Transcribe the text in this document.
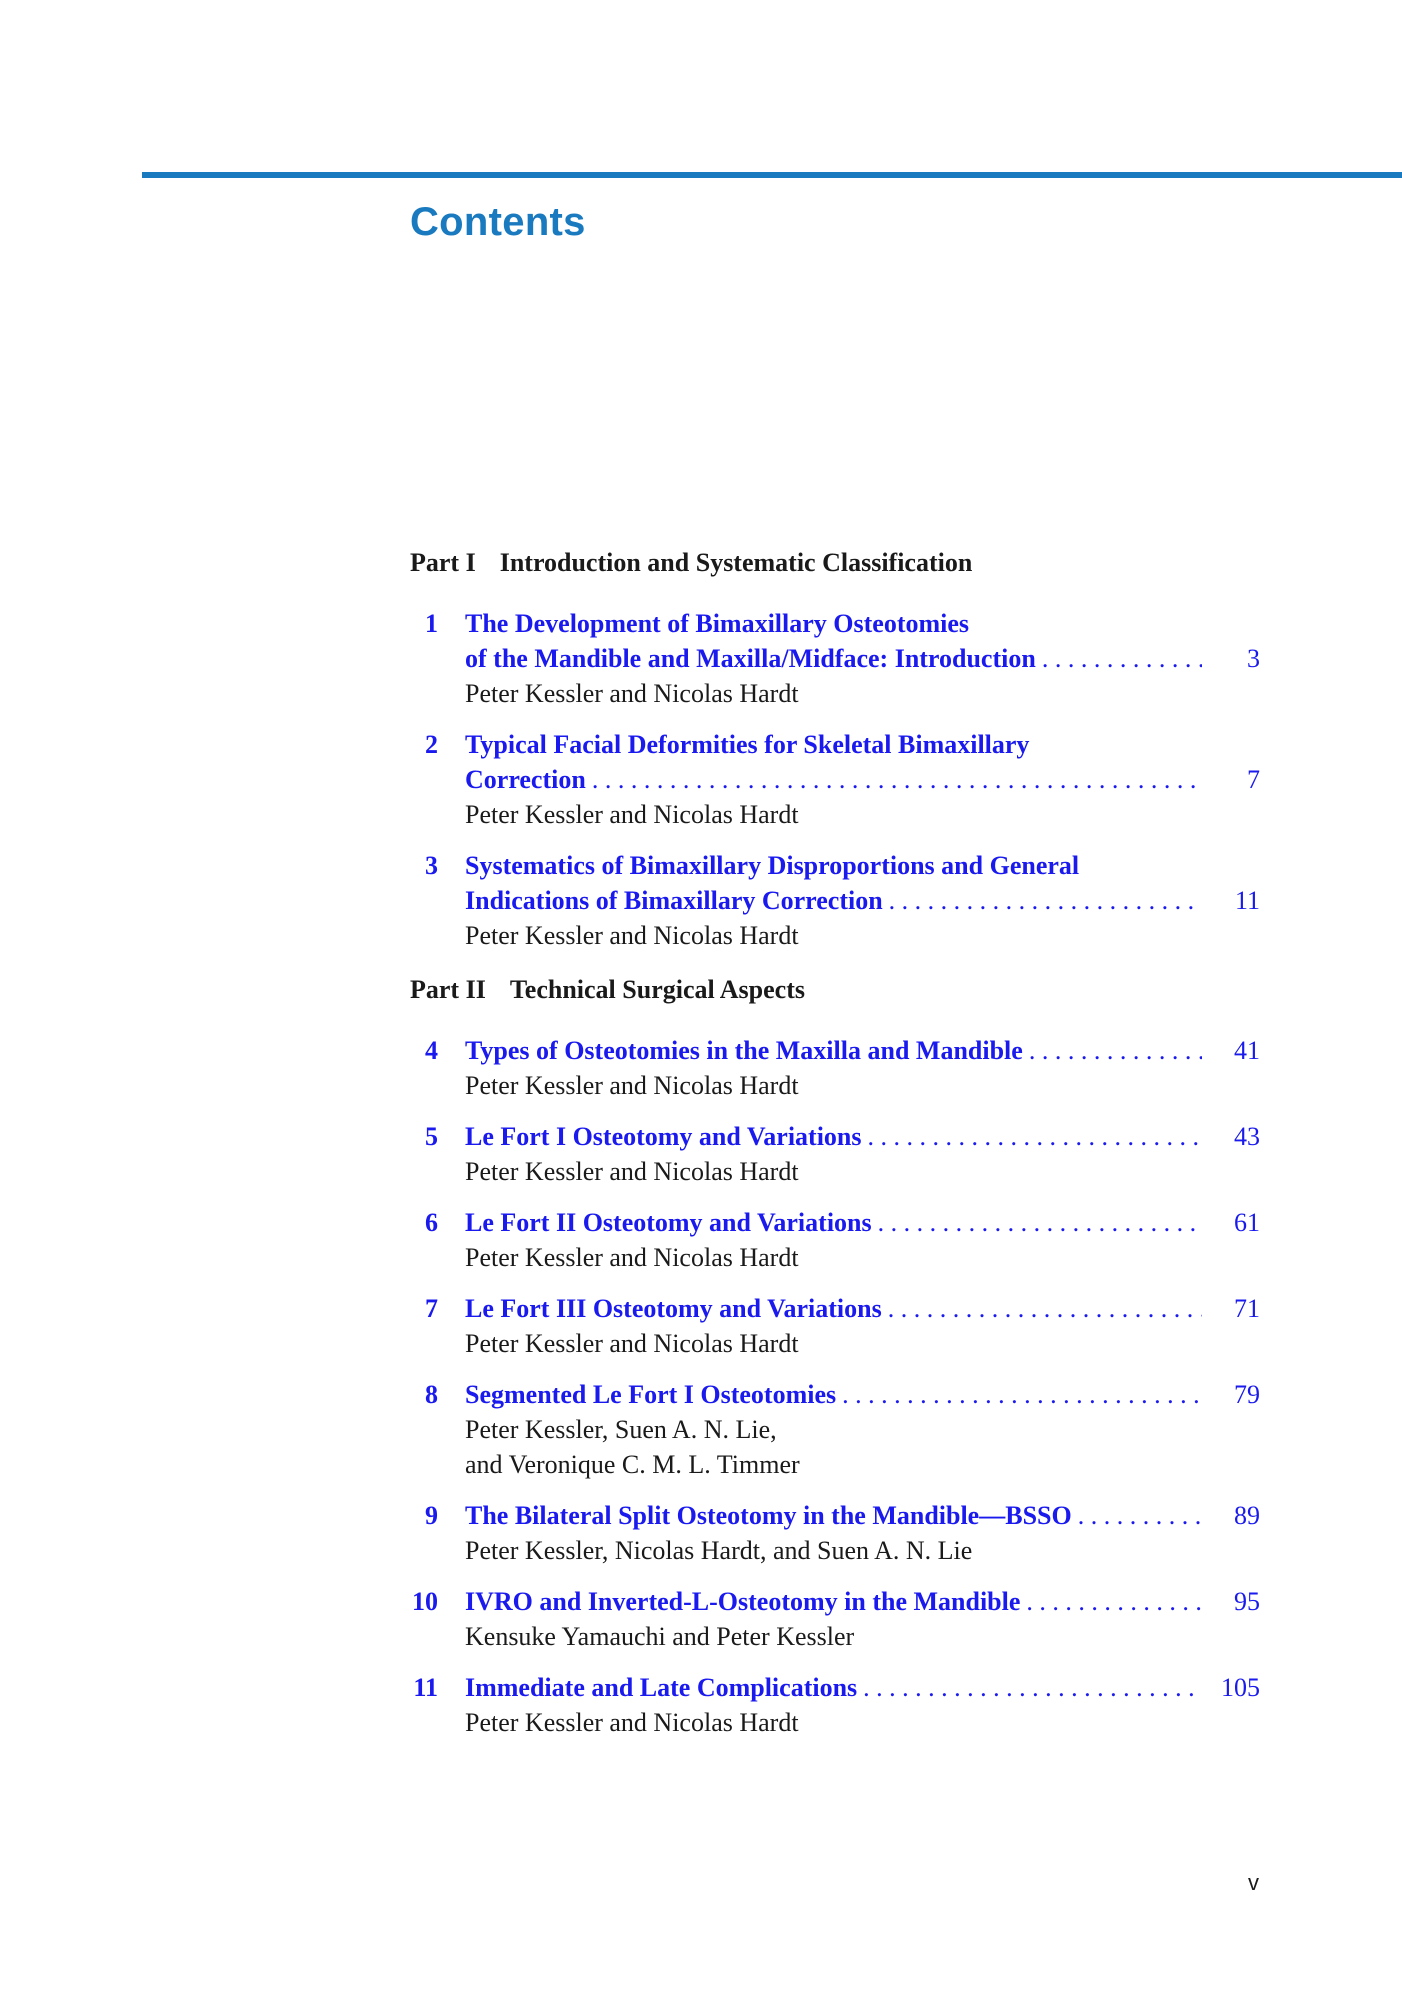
Contents
Part I Introduction and Systematic Classification
1 The Development of Bimaxillary Osteotomies
of the Mandible and Maxilla/Midface: Introduction . . .	3
Peter Kessler and Nicolas Hardt
2 Typical Facial Deformities for Skeletal Bimaxillary
Correction . . .	7
Peter Kessler and Nicolas Hardt
3 Systematics of Bimaxillary Disproportions and General
Indications of Bimaxillary Correction . . .	11
Peter Kessler and Nicolas Hardt
Part II Technical Surgical Aspects
4 Types of Osteotomies in the Maxilla and Mandible . . .	41
Peter Kessler and Nicolas Hardt
5 Le Fort I Osteotomy and Variations . . .	43
Peter Kessler and Nicolas Hardt
6 Le Fort II Osteotomy and Variations . . .	61
Peter Kessler and Nicolas Hardt
7 Le Fort III Osteotomy and Variations . . .	71
Peter Kessler and Nicolas Hardt
8 Segmented Le Fort I Osteotomies . . .	79
Peter Kessler, Suen A. N. Lie,
and Veronique C. M. L. Timmer
9 The Bilateral Split Osteotomy in the Mandible—BSSO . . .	89
Peter Kessler, Nicolas Hardt, and Suen A. N. Lie
10 IVRO and Inverted-L-Osteotomy in the Mandible . . .	95
Kensuke Yamauchi and Peter Kessler
11 Immediate and Late Complications . . .	105
Peter Kessler and Nicolas Hardt
v
